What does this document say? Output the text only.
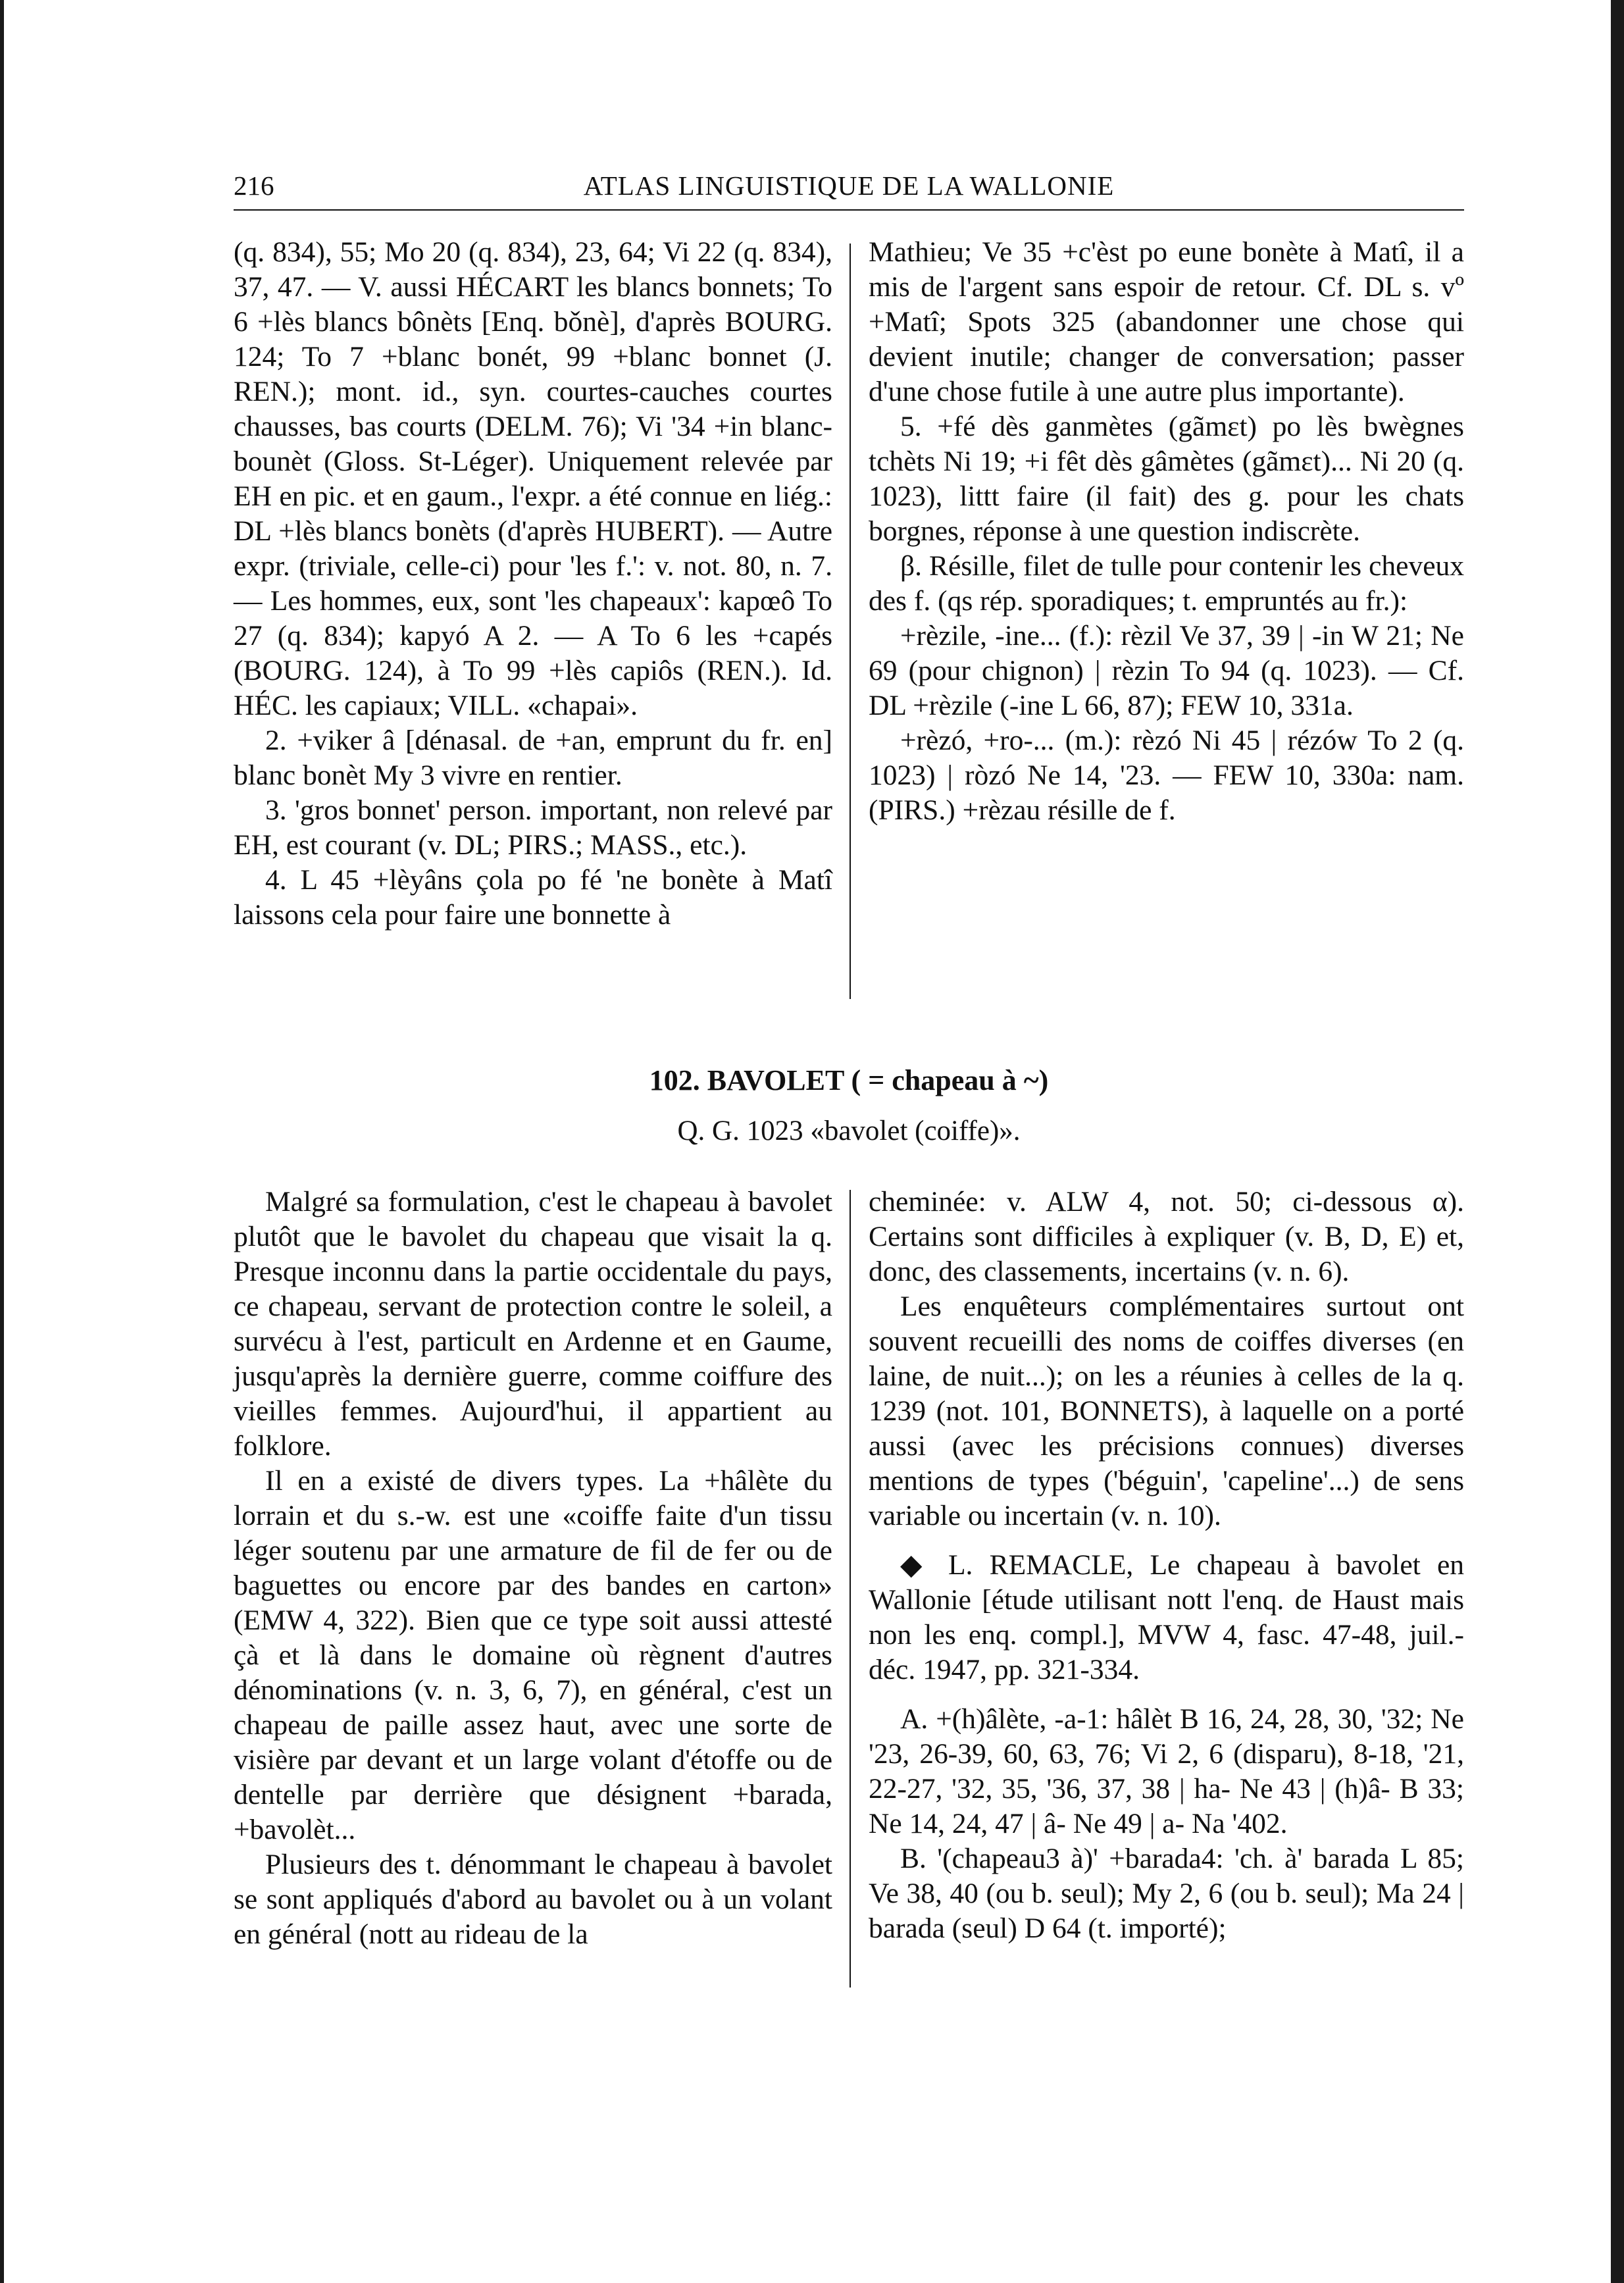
216	ATLAS LINGUISTIQUE DE LA WALLONIE

(q. 834), 55; Mo 20 (q. 834), 23, 64; Vi 22 (q. 834), 37, 47. — V. aussi HÉCART les blancs bonnets; To 6 +lès blancs bônèts [Enq. bǒnè], d'après BOURG. 124; To 7 +blanc bonét, 99 +blanc bonnet (J. REN.); mont. id., syn. courtes-cauches courtes chausses, bas courts (DELM. 76); Vi '34 +in blanc-bounèt (Gloss. St-Léger). Uniquement relevée par EH en pic. et en gaum., l'expr. a été connue en liég.: DL +lès blancs bonèts (d'après HUBERT). — Autre expr. (triviale, celle-ci) pour 'les f.': v. not. 80, n. 7. — Les hommes, eux, sont 'les chapeaux': kapœô To 27 (q. 834); kapyó A 2. — A To 6 les +capés (BOURG. 124), à To 99 +lès capiôs (REN.). Id. HÉC. les capiaux; VILL. «chapai».

2. +viker â [dénasal. de +an, emprunt du fr. en] blanc bonèt My 3 vivre en rentier.

3. 'gros bonnet' person. important, non relevé par EH, est courant (v. DL; PIRS.; MASS., etc.).

4. L 45 +lèyâns çola po fé 'ne bonète à Matî laissons cela pour faire une bonnette à

Mathieu; Ve 35 +c'èst po eune bonète à Matî, il a mis de l'argent sans espoir de retour. Cf. DL s. vº +Matî; Spots 325 (abandonner une chose qui devient inutile; changer de conversation; passer d'une chose futile à une autre plus importante).

5. +fé dès ganmètes (gãmɛt) po lès bwègnes tchèts Ni 19; +i fêt dès gâmètes (gãmɛt)... Ni 20 (q. 1023), littt faire (il fait) des g. pour les chats borgnes, réponse à une question indiscrète.

β. Résille, filet de tulle pour contenir les cheveux des f. (qs rép. sporadiques; t. empruntés au fr.):

+rèzile, -ine... (f.): rèzil Ve 37, 39 | -in W 21; Ne 69 (pour chignon) | rèzin To 94 (q. 1023). — Cf. DL +rèzile (-ine L 66, 87); FEW 10, 331a.

+rèzó, +ro-... (m.): rèzó Ni 45 | rézów To 2 (q. 1023) | ròzó Ne 14, '23. — FEW 10, 330a: nam. (PIRS.) +rèzau résille de f.

102. BAVOLET ( = chapeau à ~)
Q. G. 1023 «bavolet (coiffe)».

Malgré sa formulation, c'est le chapeau à bavolet plutôt que le bavolet du chapeau que visait la q. Presque inconnu dans la partie occidentale du pays, ce chapeau, servant de protection contre le soleil, a survécu à l'est, particult en Ardenne et en Gaume, jusqu'après la dernière guerre, comme coiffure des vieilles femmes. Aujourd'hui, il appartient au folklore.

Il en a existé de divers types. La +hâlète du lorrain et du s.-w. est une «coiffe faite d'un tissu léger soutenu par une armature de fil de fer ou de baguettes ou encore par des bandes en carton» (EMW 4, 322). Bien que ce type soit aussi attesté çà et là dans le domaine où règnent d'autres dénominations (v. n. 3, 6, 7), en général, c'est un chapeau de paille assez haut, avec une sorte de visière par devant et un large volant d'étoffe ou de dentelle par derrière que désignent +barada, +bavolèt...

Plusieurs des t. dénommant le chapeau à bavolet se sont appliqués d'abord au bavolet ou à un volant en général (nott au rideau de la

cheminée: v. ALW 4, not. 50; ci-dessous α). Certains sont difficiles à expliquer (v. B, D, E) et, donc, des classements, incertains (v. n. 6).

Les enquêteurs complémentaires surtout ont souvent recueilli des noms de coiffes diverses (en laine, de nuit...); on les a réunies à celles de la q. 1239 (not. 101, BONNETS), à laquelle on a porté aussi (avec les précisions connues) diverses mentions de types ('béguin', 'capeline'...) de sens variable ou incertain (v. n. 10).

◆ L. REMACLE, Le chapeau à bavolet en Wallonie [étude utilisant nott l'enq. de Haust mais non les enq. compl.], MVW 4, fasc. 47-48, juil.-déc. 1947, pp. 321-334.

A. +(h)âlète, -a-1: hâlèt B 16, 24, 28, 30, '32; Ne '23, 26-39, 60, 63, 76; Vi 2, 6 (disparu), 8-18, '21, 22-27, '32, 35, '36, 37, 38 | ha- Ne 43 | (h)â- B 33; Ne 14, 24, 47 | â- Ne 49 | a- Na '402.

B. '(chapeau3 à)' +barada4: 'ch. à' barada L 85; Ve 38, 40 (ou b. seul); My 2, 6 (ou b. seul); Ma 24 | barada (seul) D 64 (t. importé);
